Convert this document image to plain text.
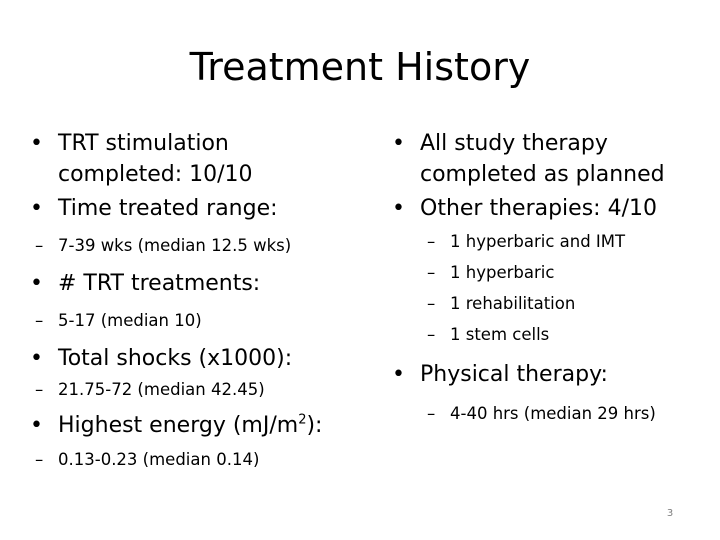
Treatment History
• TRT stimulation
completed: 10/10
• Time treated range:
– 7-39 wks (median 12.5 wks)
• # TRT treatments:
– 5-17 (median 10)
• Total shocks (x1000):
– 21.75-72 (median 42.45)
• Highest energy $(mJ/m^2)$:
– 0.13-0.23 (median 0.14)
• All study therapy
completed as planned
• Other therapies: 4/10
– 1 hyperbaric and IMT
– 1 hyperbaric
– 1 rehabilitation
– 1 stem cells
• Physical therapy:
– 4-40 hrs (median 29 hrs)
3
